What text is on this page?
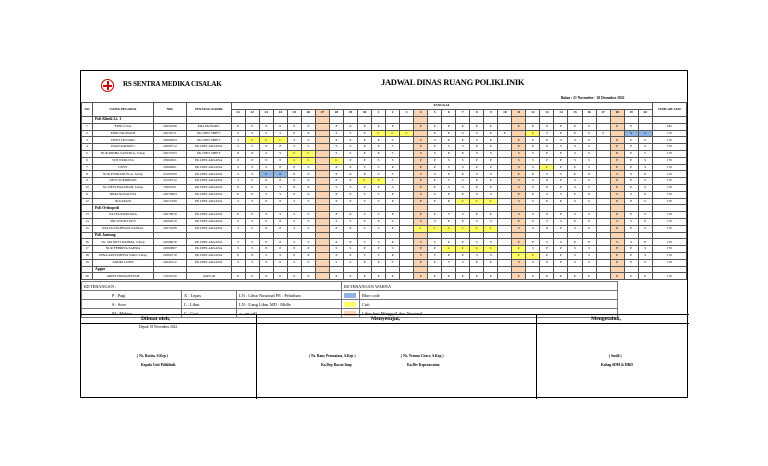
RS SENTRA MEDIKA CISALAK	JADWAL DINAS RUANG POLIKLINIK
Bulan : 21 November - 20 Desember 2022
NO	NAMA PEGAWAI	NIK	JENJANG KARIR	TANGGAL																														JUMLAH JAM
				21	22	23	24	25	26	27	28	29	30	1	2	3	4	5	6	7	8	9	10	11	12	13	14	15	16	17	18	19	20	
	Poli Klinik Lt. 1																																	
1	ERNI Z.Sua	22030166	PRA PK/BARU	P	P	P	P	P	P		P	P	P	P	P		P	P	P	P	P	P		P	P	P	P	P	P		P	P		182
2	ERNI NILAWATI	22030171	PK I/PPS SHIFT	S	S	S	S	P	P		S	S	P	C	C	C		P	P	S	S	P	P		C	S	P	P	S	S		S	S	176
3	DEWI LESTARI	22090203	PK I/PPS SHIFT	S	C	C	C	S	S		P	P	P	P	S		S	S	P	P	S	P		P	P	P	S	S	S		P	P	S	176
4	DIAN RAHAYU	22090712	PK I/PELAKSANA	S	S	P	P	S	S		S	S	P	P	S		P	P	S	S	P	P		P	P	P	S	S	S		P	P	S	176
5	NUR RIDHA SANTIKA, S.Kep	22070103	PK I/PPS SHIFT	P	P	S	S	C	C		S	S	P	P	S		S	S	P	P	S	S		S	S	P	P	S	S		P	P	S	176
6	SITI NURLITA	23060301	PK I/PELAKSANA	P	P	P	P	C	C		C	P	P	S	S		P	P	S	S	P	P		S	S	P	P	S	S		P	P	S	176
7	LENY	23060401	PK I/PELAKSANA	S	S	S	P	P	S		P	P	S	S	P		P	P	S	S	P	P		S	S	C	P	P	S		P	P	S	176
8	NUR FITRIANI ELA, S.Kep	22100709	PK I/PELAKSANA	S	S	P	P	P	P		P	P	P	S	S		S	S	P	P	S	S		P	P	S	S	P	P		S	S	P	176
9	DEVI SUPRIHANI	22100712	PK I/PELAKSANA	S	S	P	P	P	P		P	P	C	S	S		P	P	S	S	P	P		S	S	P	P	S	S		P	P	S	176
10	Ns. DEVI HALIMAH, S.Kep	23060101	PK I/PELAKSANA	P	P	S	S	P	P		S	S	P	P	S		P	P	S	S	P	P		S	S	P	P	S	S		P	P	S	176
11	IRMA ROSALINA	22070604	PK I/PELAKSANA	P	P	S	S	P	P		P	P	S	S	P		S	S	P	P	S	S		P	P	S	S	P	P		S	S	P	176
12	NIA RIANI	22071209	PK I/PELAKSANA	S	S	P	P	S	S		P	P	S	S	P		P	P	P	C	C	C		S	S	P	P	S	S		P	P	S	176
	Poli Orthopedi																																	
13	ZALFA RIZKIANA	22070810	PK I/PELAKSANA	P	P	P	S	S	S		P	P	S	S	P		P	P	S	S	P	P		S	S	P	P	S	S		P	P	S	176
14	SRI WIYATI PUJI	22060310	PK I/PELAKSANA	S	S	P	P	S	S		S	S	P	P	S		S	S	P	P	S	S		P	P	S	S	P	P		S	S	P	176
15	IDA ZULFAHWATI ZAINAL	23070108	PK I/PELAKSANA	S	S	P	P	S	S		P	P	S	S	P		C	C	C	C	C	C		S	S	P	P	S	S		P	P	S	176
	Poli Jantung																																	
16	Ns. SRI DEVI RAHMA, S.Kep	22090610	PK I/PELAKSANA	S	S	P	P	S	S		P	P	S	S	P		S	S	P	P	S	S		P	P	S	S	P	P		S	S	P	176
17	NUR FEBRIYA ZAHRA	22060807	PK I/PELAKSANA	S	S	P	P	P	P		S	S	P	P	S		P	P	C	C	C	C		C	S	P	P	S	S		P	P	S	176
18	DINA ARYONIFITA SARI, S.Kep	22060710	PK I/PELAKSANA	P	P	S	S	P	P		P	P	S	S	P		S	S	P	P	S	S		C	C	P	P	S	S		P	P	S	176
19	ANDRI LUBIS	22040112	PK I/PELAKSANA	S	S	P	P	S	S		S	S	P	P	S		P	P	S	S	P	P		S	S	P	P	S	S		P	P	S	176
	Apgar																																	
20	ARIEF FIRMANSYAH	71020120	ASPS III	P	P	P	P	P	P		P	P	P	P	P		P	P	P	P	P	P		P	P	P	P	P	P		P	P	P	176
KETERANGAN :			KETERANGAN WARNA	
P : Pagi	X : Lepas	LN : Libur Nasional PE : Pelatihan		Blue code
S : Sore	L : Libur	LN : Uang Libur MD : Midle		Cuti
M : Malam	C : Cuti	+ : on call		Libur hari Minggu/Libur Nasional
Dibuat oleh,
Depok 19 November 2022
Menyetujui,	Mengetahui,
( Ns. Rosita, S.Kep )
Kepala Unit Poliklinik
( Ns. Rany Permatasa, S.Kep )
Ka.Dep Rawat Inap
( Ns. Yvonne Grace, S.Kep )
Ka.Div Keperawatan
( Susili )
Kabag SDM & HRD
